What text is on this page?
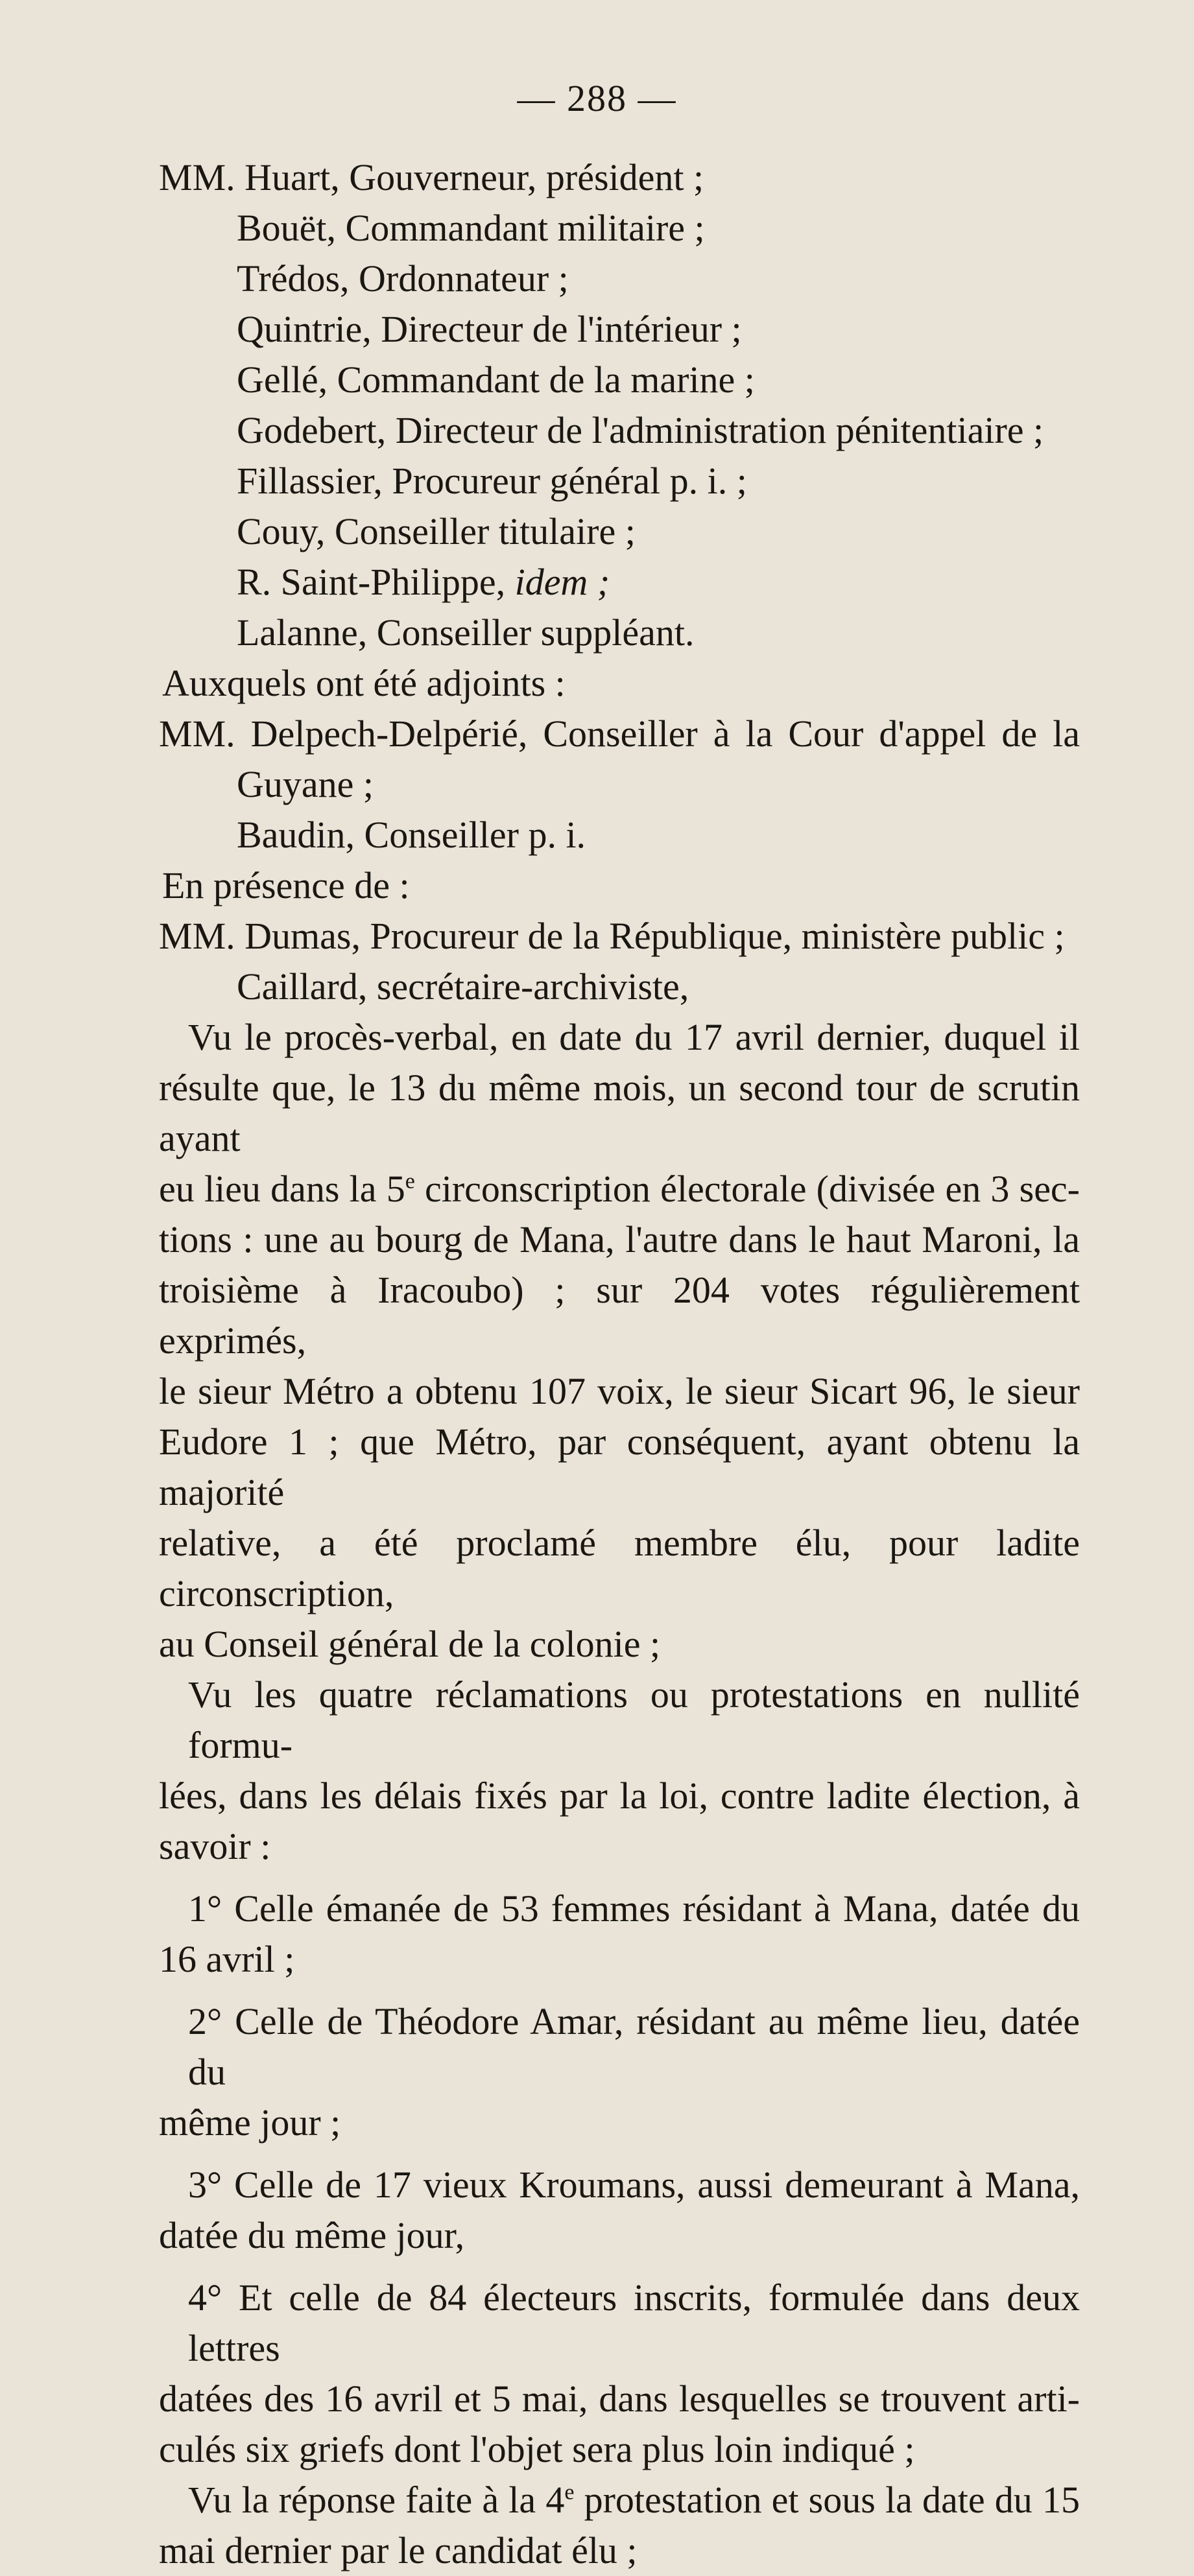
— 288 —
MM. Huart, Gouverneur, président ;
Bouët, Commandant militaire ;
Trédos, Ordonnateur ;
Quintrie, Directeur de l'intérieur ;
Gellé, Commandant de la marine ;
Godebert, Directeur de l'administration pénitentiaire ;
Fillassier, Procureur général p. i. ;
Couy, Conseiller titulaire ;
R. Saint-Philippe, idem ;
Lalanne, Conseiller suppléant.
Auxquels ont été adjoints :
MM. Delpech-Delpérié, Conseiller à la Cour d'appel de la
Guyane ;
Baudin, Conseiller p. i.
En présence de :
MM. Dumas, Procureur de la République, ministère public ;
Caillard, secrétaire-archiviste,
Vu le procès-verbal, en date du 17 avril dernier, duquel il
résulte que, le 13 du même mois, un second tour de scrutin ayant
eu lieu dans la 5e circonscription électorale (divisée en 3 sec-
tions : une au bourg de Mana, l'autre dans le haut Maroni, la
troisième à Iracoubo) ; sur 204 votes régulièrement exprimés,
le sieur Métro a obtenu 107 voix, le sieur Sicart 96, le sieur
Eudore 1 ; que Métro, par conséquent, ayant obtenu la majorité
relative, a été proclamé membre élu, pour ladite circonscription,
au Conseil général de la colonie ;
Vu les quatre réclamations ou protestations en nullité formu-
lées, dans les délais fixés par la loi, contre ladite élection, à
savoir :
1° Celle émanée de 53 femmes résidant à Mana, datée du
16 avril ;
2° Celle de Théodore Amar, résidant au même lieu, datée du
même jour ;
3° Celle de 17 vieux Kroumans, aussi demeurant à Mana,
datée du même jour,
4° Et celle de 84 électeurs inscrits, formulée dans deux lettres
datées des 16 avril et 5 mai, dans lesquelles se trouvent arti-
culés six griefs dont l'objet sera plus loin indiqué ;
Vu la réponse faite à la 4e protestation et sous la date du 15
mai dernier par le candidat élu ;
